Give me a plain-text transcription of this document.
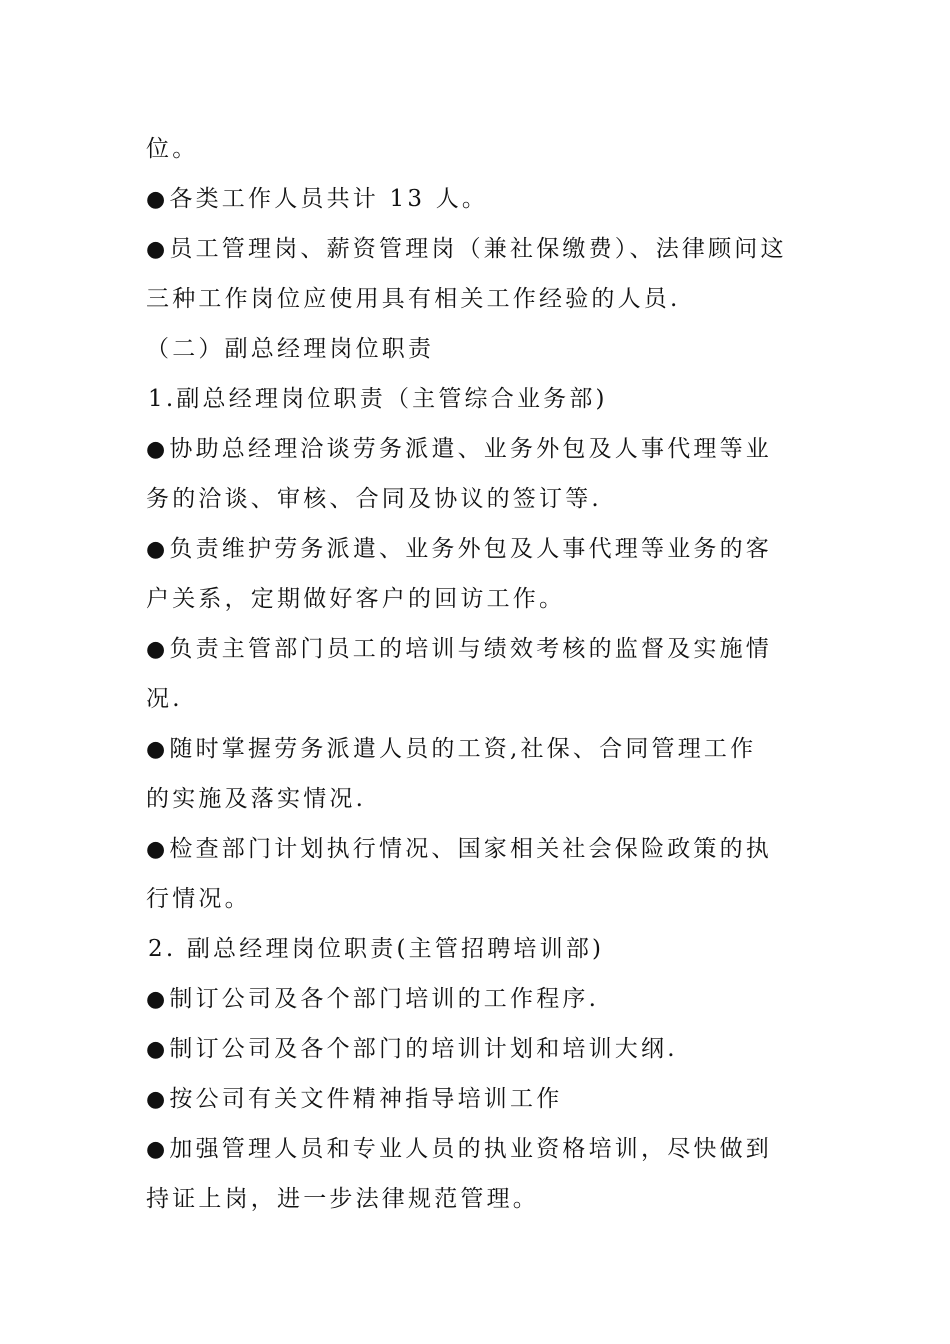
位。
●各类工作人员共计 13 人。
●员工管理岗、薪资管理岗（兼社保缴费）、法律顾问这
三种工作岗位应使用具有相关工作经验的人员.
（二）副总经理岗位职责
1.副总经理岗位职责（主管综合业务部)
●协助总经理洽谈劳务派遣、业务外包及人事代理等业
务的洽谈、审核、合同及协议的签订等.
●负责维护劳务派遣、业务外包及人事代理等业务的客
户关系，定期做好客户的回访工作。
●负责主管部门员工的培训与绩效考核的监督及实施情
况.
●随时掌握劳务派遣人员的工资,社保、合同管理工作
的实施及落实情况.
●检查部门计划执行情况、国家相关社会保险政策的执
行情况。
2. 副总经理岗位职责(主管招聘培训部)
●制订公司及各个部门培训的工作程序.
●制订公司及各个部门的培训计划和培训大纲.
●按公司有关文件精神指导培训工作
●加强管理人员和专业人员的执业资格培训，尽快做到
持证上岗，进一步法律规范管理。
